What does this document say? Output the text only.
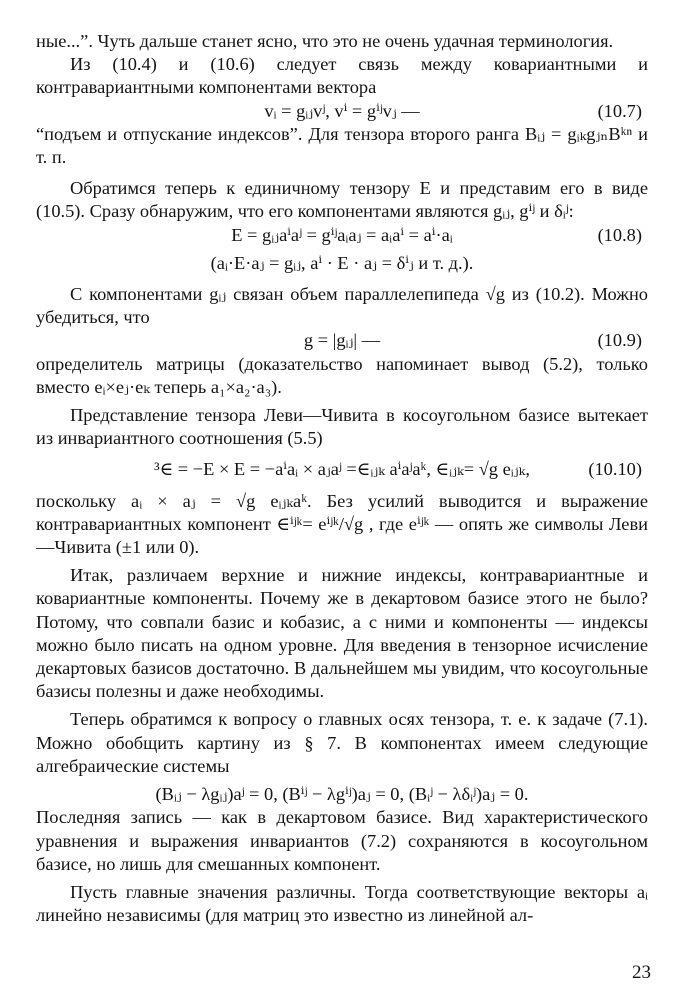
ные...”. Чуть дальше станет ясно, что это не очень удачная терминология.

Из (10.4) и (10.6) следует связь между ковариантными и контравариантными компонентами вектора

vᵢ = gᵢⱼvʲ, vⁱ = gⁱʲvⱼ —	(10.7)

“подъем и отпускание индексов”. Для тензора второго ранга Bᵢⱼ = gᵢₖgⱼₙBᵏⁿ и т. п.

Обратимся теперь к единичному тензору E и представим его в виде (10.5). Сразу обнаружим, что его компонентами являются gᵢⱼ, gⁱʲ и δᵢʲ:

E = gᵢⱼaⁱaʲ = gⁱʲaᵢaⱼ = aᵢaⁱ = aⁱ·aᵢ	(10.8)
(aᵢ·E·aⱼ = gᵢⱼ, aⁱ · E · aⱼ = δⁱⱼ и т. д.).

С компонентами gᵢⱼ связан объем параллелепипеда √g из (10.2). Можно убедиться, что

g = |gᵢⱼ| —	(10.9)

определитель матрицы (доказательство напоминает вывод (5.2), только вместо eᵢ×eⱼ·eₖ теперь a₁×a₂·a₃).

Представление тензора Леви—Чивита в косоугольном базисе вытекает из инвариантного соотношения (5.5)

³∈ = −E × E = −aⁱaᵢ × aⱼaʲ =∈ᵢⱼₖ aⁱaʲaᵏ, ∈ᵢⱼₖ= √g eᵢⱼₖ,	(10.10)

поскольку aᵢ × aⱼ = √g eᵢⱼₖaᵏ. Без усилий выводится и выражение контравариантных компонент ∈ⁱʲᵏ= eⁱʲᵏ/√g , где eⁱʲᵏ — опять же символы Леви—Чивита (±1 или 0).

Итак, различаем верхние и нижние индексы, контравариантные и ковариантные компоненты. Почему же в декартовом базисе этого не было? Потому, что совпали базис и кобазис, а с ними и компоненты — индексы можно было писать на одном уровне. Для введения в тензорное исчисление декартовых базисов достаточно. В дальнейшем мы увидим, что косоугольные базисы полезны и даже необходимы.

Теперь обратимся к вопросу о главных осях тензора, т. е. к задаче (7.1). Можно обобщить картину из § 7. В компонентах имеем следующие алгебраические системы

(Bᵢⱼ − λgᵢⱼ)aʲ = 0, (Bⁱʲ − λgⁱʲ)aⱼ = 0, (Bᵢʲ − λδᵢʲ)aⱼ = 0.

Последняя запись — как в декартовом базисе. Вид характеристического уравнения и выражения инвариантов (7.2) сохраняются в косоугольном базисе, но лишь для смешанных компонент.

Пусть главные значения различны. Тогда соответствующие векторы aᵢ линейно независимы (для матриц это известно из линейной ал-

23
